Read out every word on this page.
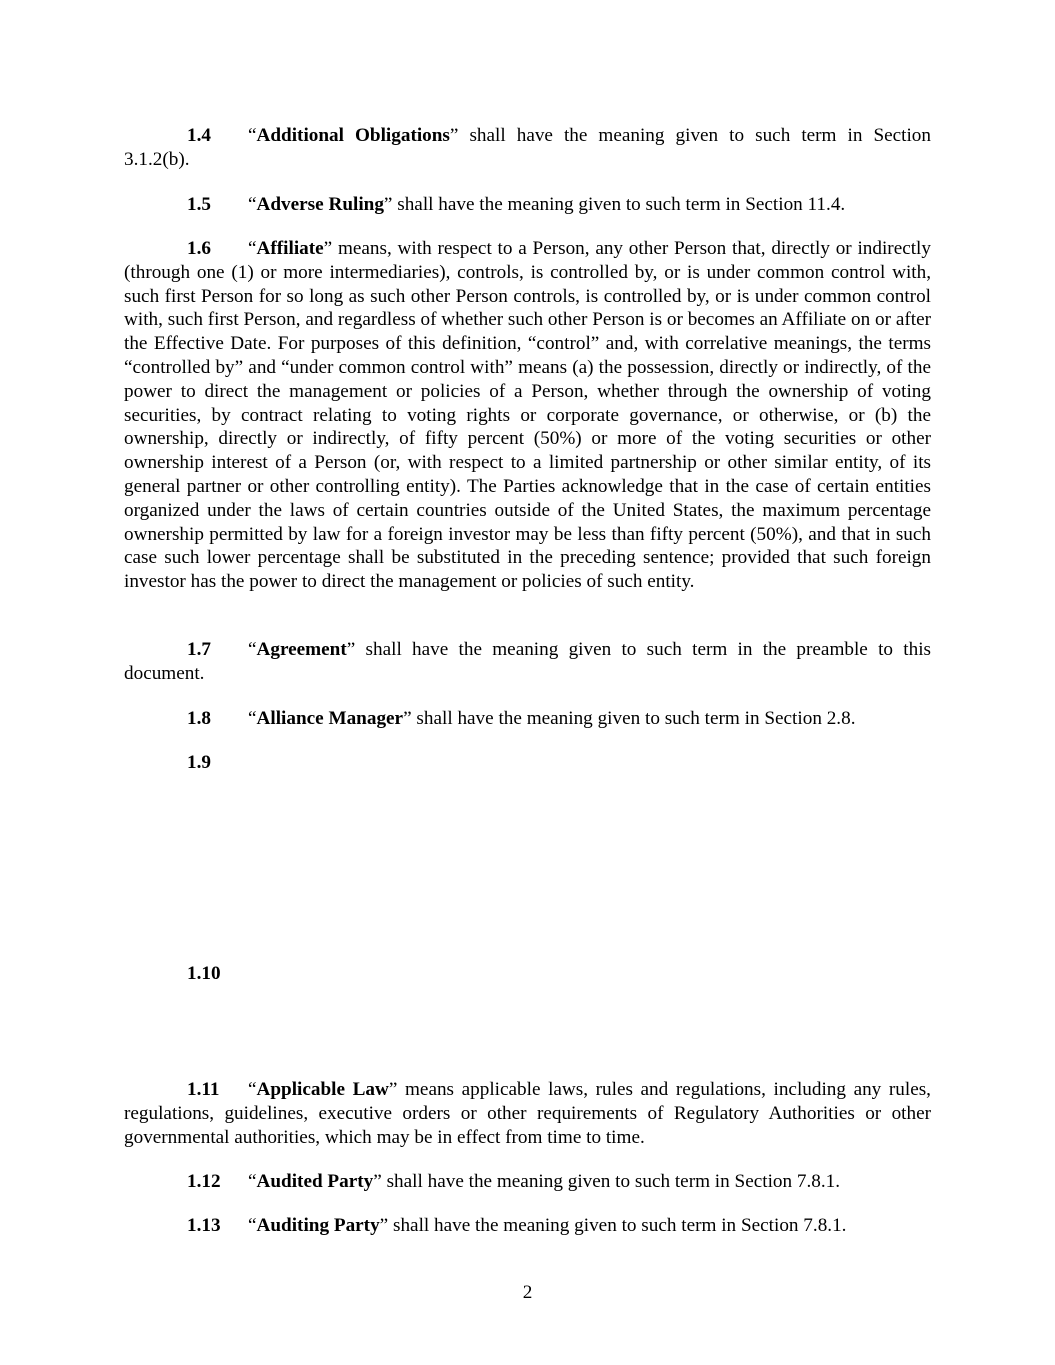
1.4 “Additional Obligations” shall have the meaning given to such term in Section 3.1.2(b).

1.5 “Adverse Ruling” shall have the meaning given to such term in Section 11.4.

1.6 “Affiliate” means, with respect to a Person, any other Person that, directly or indirectly (through one (1) or more intermediaries), controls, is controlled by, or is under common control with, such first Person for so long as such other Person controls, is controlled by, or is under common control with, such first Person, and regardless of whether such other Person is or becomes an Affiliate on or after the Effective Date. For purposes of this definition, “control” and, with correlative meanings, the terms “controlled by” and “under common control with” means (a) the possession, directly or indirectly, of the power to direct the management or policies of a Person, whether through the ownership of voting securities, by contract relating to voting rights or corporate governance, or otherwise, or (b) the ownership, directly or indirectly, of fifty percent (50%) or more of the voting securities or other ownership interest of a Person (or, with respect to a limited partnership or other similar entity, of its general partner or other controlling entity). The Parties acknowledge that in the case of certain entities organized under the laws of certain countries outside of the United States, the maximum percentage ownership permitted by law for a foreign investor may be less than fifty percent (50%), and that in such case such lower percentage shall be substituted in the preceding sentence; provided that such foreign investor has the power to direct the management or policies of such entity.

1.7 “Agreement” shall have the meaning given to such term in the preamble to this document.

1.8 “Alliance Manager” shall have the meaning given to such term in Section 2.8.

1.9

1.10

1.11 “Applicable Law” means applicable laws, rules and regulations, including any rules, regulations, guidelines, executive orders or other requirements of Regulatory Authorities or other governmental authorities, which may be in effect from time to time.

1.12 “Audited Party” shall have the meaning given to such term in Section 7.8.1.

1.13 “Auditing Party” shall have the meaning given to such term in Section 7.8.1.

2
